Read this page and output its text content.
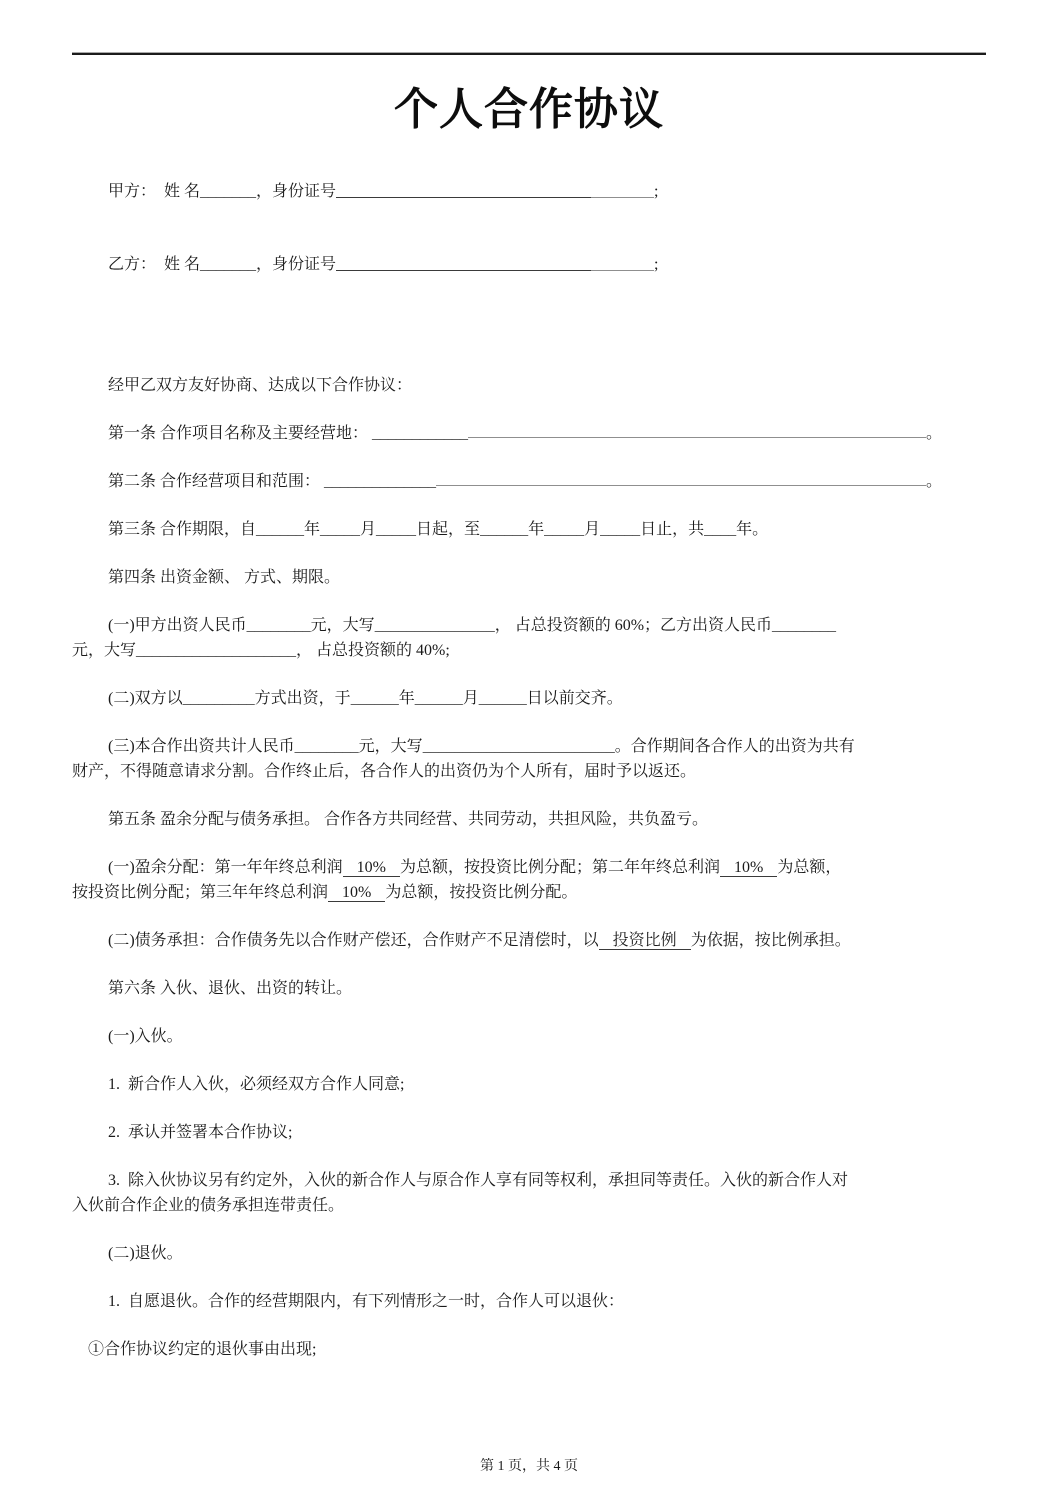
个人合作协议

甲方：　姓 名_______，身份证号	;

乙方：　姓 名_______，身份证号	;

经甲乙双方友好协商、达成以下合作协议：

第一条 合作项目名称及主要经营地： ____________	。

第二条 合作经营项目和范围： ______________	。

第三条 合作期限，自______年_____月_____日起，至______年_____月_____日止，共____年。

第四条 出资金额、 方式、期限。

(一)甲方出资人民币________元，大写_______________， 占总投资额的 60%；乙方出资人民币________
元，大写____________________， 占总投资额的 40%;

(二)双方以_________方式出资，于______年______月______日以前交齐。

(三)本合作出资共计人民币________元，大写________________________。合作期间各合作人的出资为共有
财产，不得随意请求分割。合作终止后，各合作人的出资仍为个人所有，届时予以返还。

第五条 盈余分配与债务承担。 合作各方共同经营、共同劳动，共担风险，共负盈亏。

(一)盈余分配：第一年年终总利润 10% 为总额，按投资比例分配；第二年年终总利润 10% 为总额，
按投资比例分配；第三年年终总利润 10% 为总额，按投资比例分配。

(二)债务承担：合作债务先以合作财产偿还，合作财产不足清偿时，以 投资比例 为依据，按比例承担。

第六条 入伙、退伙、出资的转让。

(一)入伙。

1.  新合作人入伙，必须经双方合作人同意;

2.  承认并签署本合作协议;

3.  除入伙协议另有约定外，入伙的新合作人与原合作人享有同等权利，承担同等责任。入伙的新合作人对
入伙前合作企业的债务承担连带责任。

(二)退伙。

1.  自愿退伙。合作的经营期限内，有下列情形之一时，合作人可以退伙：

①合作协议约定的退伙事由出现;

第 1 页，共 4 页
